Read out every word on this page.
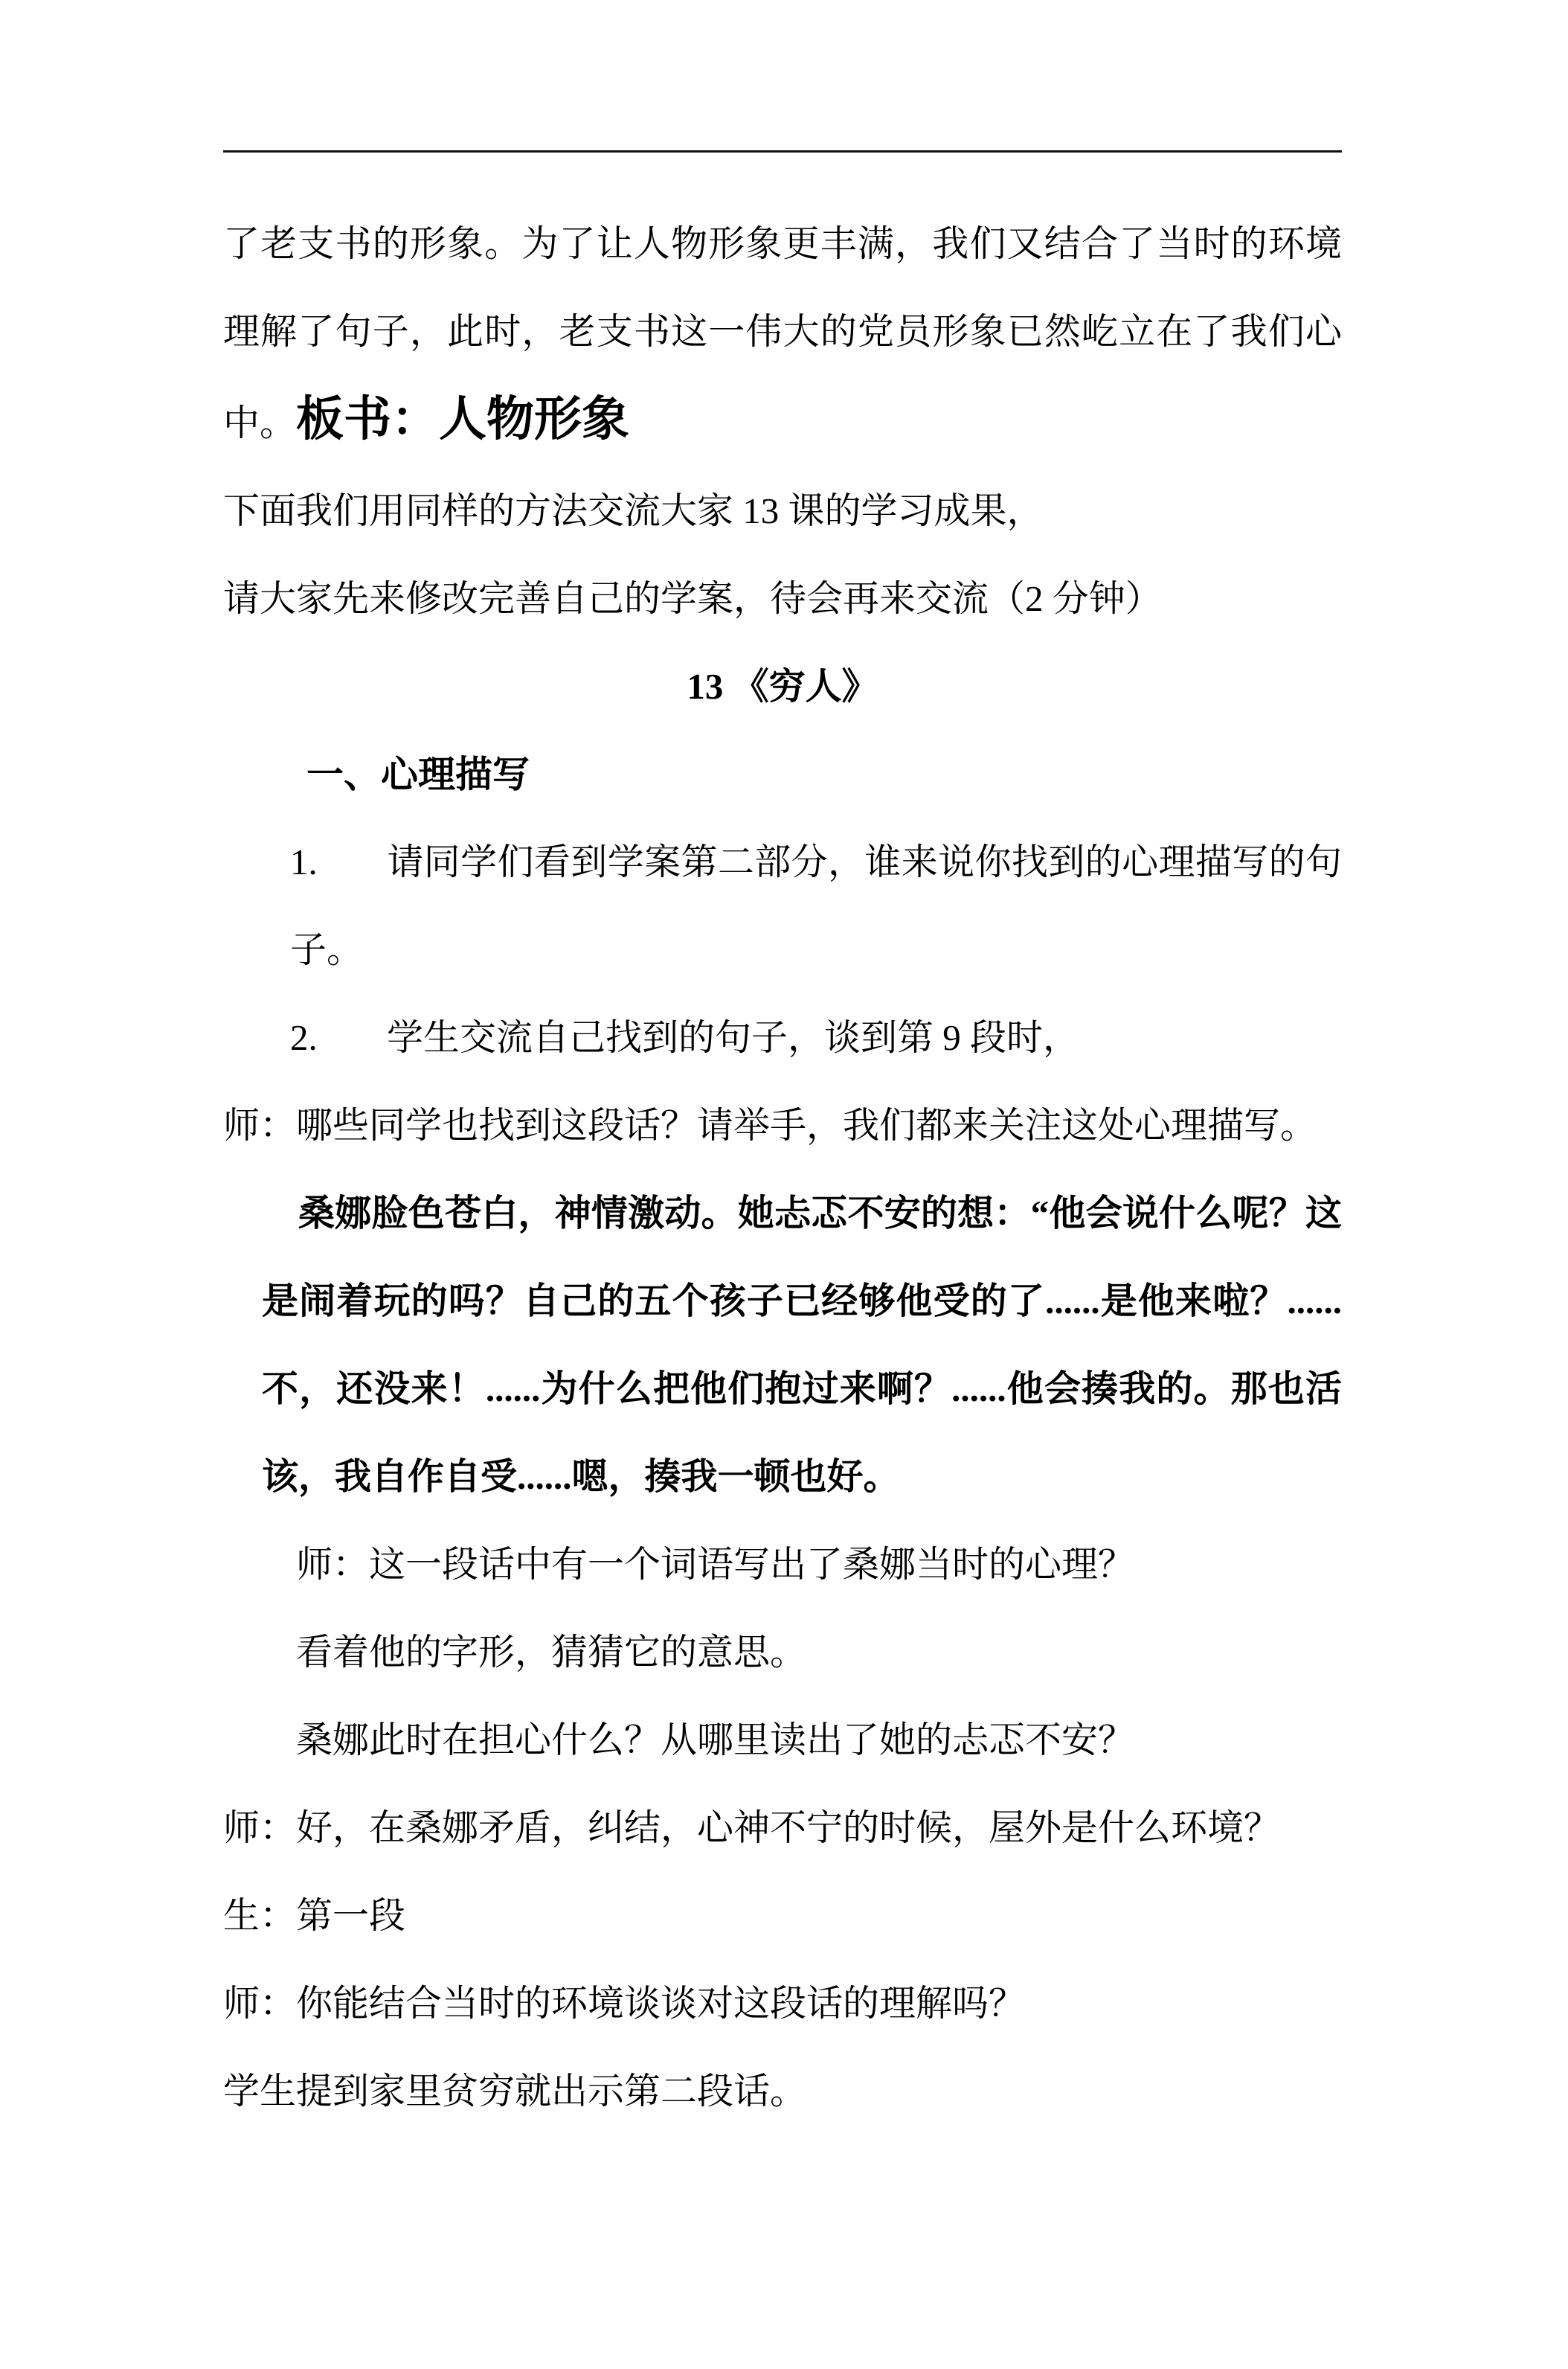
了老支书的形象。为了让人物形象更丰满，我们又结合了当时的环境理解了句子，此时，老支书这一伟大的党员形象已然屹立在了我们心中。板书：人物形象

下面我们用同样的方法交流大家 13 课的学习成果，

请大家先来修改完善自己的学案，待会再来交流（2 分钟）

13 《穷人》

一、心理描写

1. 请同学们看到学案第二部分，谁来说你找到的心理描写的句子。

2. 学生交流自己找到的句子，谈到第 9 段时，

师：哪些同学也找到这段话？请举手，我们都来关注这处心理描写。

桑娜脸色苍白，神情激动。她忐忑不安的想：“他会说什么呢？这是闹着玩的吗？自己的五个孩子已经够他受的了......是他来啦？......不，还没来！......为什么把他们抱过来啊？......他会揍我的。那也活该，我自作自受......嗯，揍我一顿也好。

师：这一段话中有一个词语写出了桑娜当时的心理？

看着他的字形，猜猜它的意思。

桑娜此时在担心什么？从哪里读出了她的忐忑不安？

师：好，在桑娜矛盾，纠结，心神不宁的时候，屋外是什么环境？

生：第一段

师：你能结合当时的环境谈谈对这段话的理解吗？

学生提到家里贫穷就出示第二段话。
